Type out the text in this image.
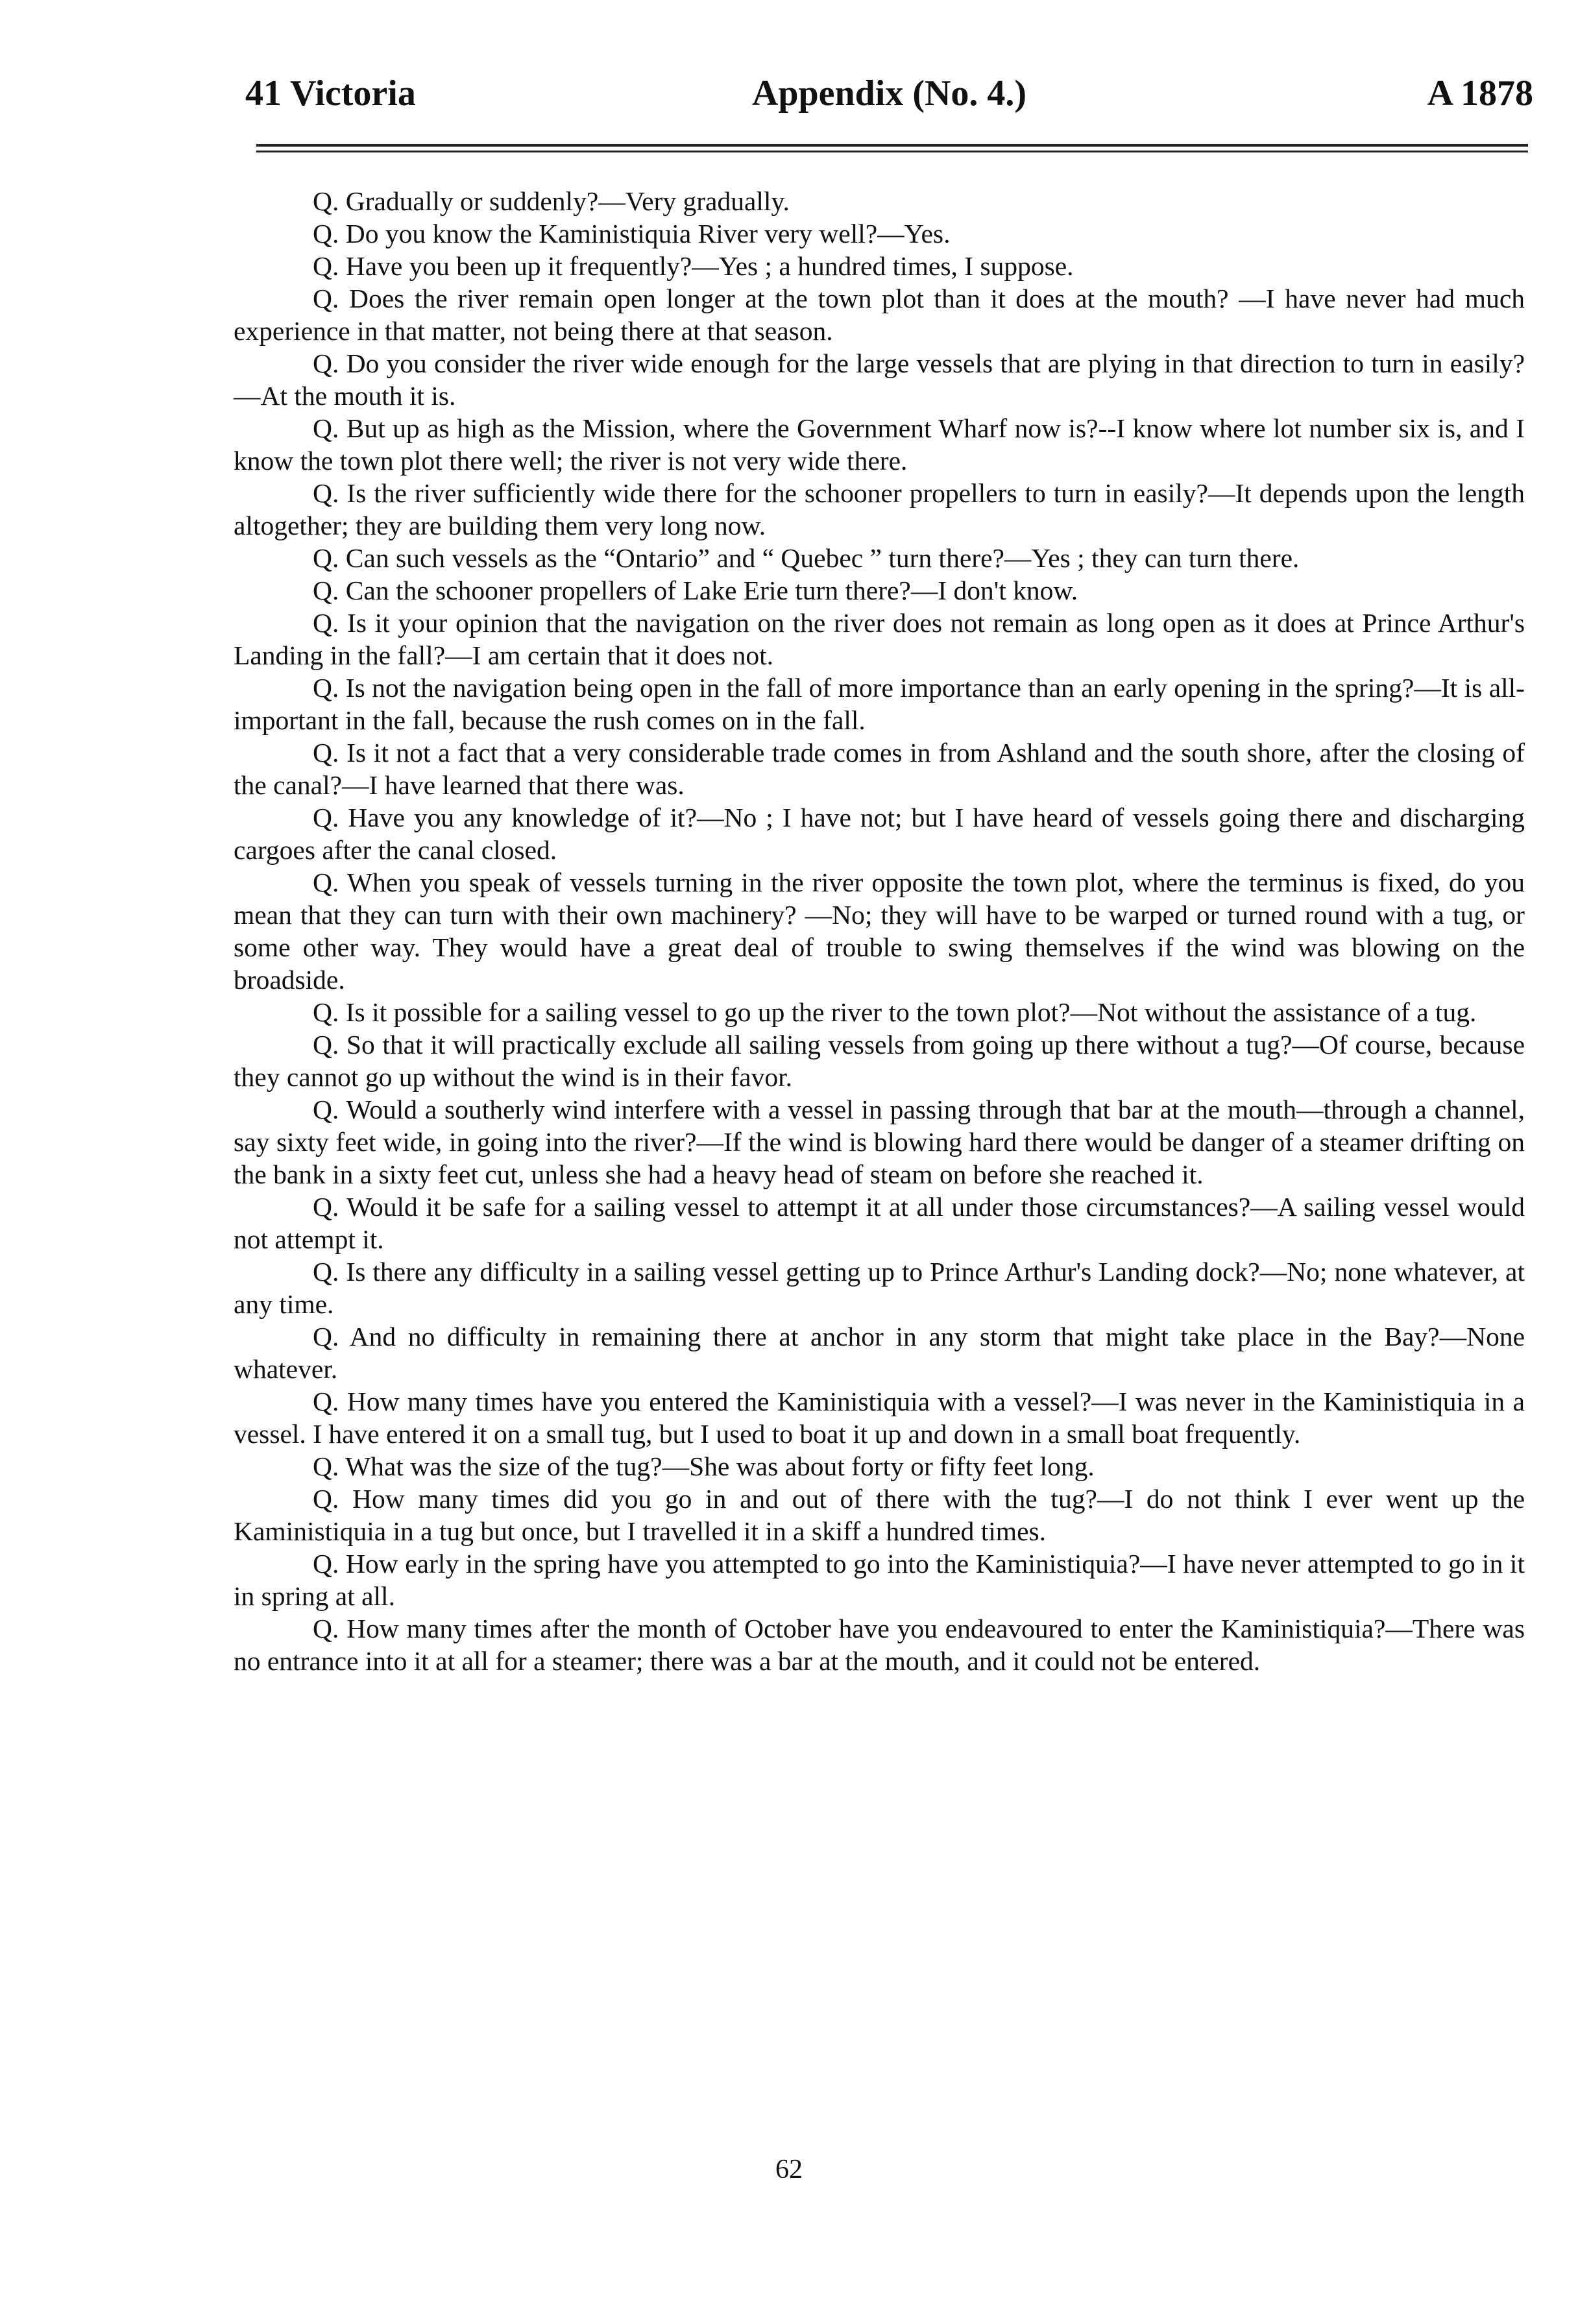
41 Victoria	Appendix (No. 4.)	A 1878

Q. Gradually or suddenly?—Very gradually.

Q. Do you know the Kaministiquia River very well?—Yes.

Q. Have you been up it frequently?—Yes ; a hundred times, I suppose.

Q. Does the river remain open longer at the town plot than it does at the mouth? —I have never had much experience in that matter, not being there at that season.

Q. Do you consider the river wide enough for the large vessels that are plying in that direction to turn in easily?—At the mouth it is.

Q. But up as high as the Mission, where the Government Wharf now is?--I know where lot number six is, and I know the town plot there well; the river is not very wide there.

Q. Is the river sufficiently wide there for the schooner propellers to turn in easily?—It depends upon the length altogether; they are building them very long now.

Q. Can such vessels as the “Ontario” and “ Quebec ” turn there?—Yes ; they can turn there.

Q. Can the schooner propellers of Lake Erie turn there?—I don't know.

Q. Is it your opinion that the navigation on the river does not remain as long open as it does at Prince Arthur's Landing in the fall?—I am certain that it does not.

Q. Is not the navigation being open in the fall of more importance than an early opening in the spring?—It is all-important in the fall, because the rush comes on in the fall.

Q. Is it not a fact that a very considerable trade comes in from Ashland and the south shore, after the closing of the canal?—I have learned that there was.

Q. Have you any knowledge of it?—No ; I have not; but I have heard of vessels going there and discharging cargoes after the canal closed.

Q. When you speak of vessels turning in the river opposite the town plot, where the terminus is fixed, do you mean that they can turn with their own machinery? —No; they will have to be warped or turned round with a tug, or some other way. They would have a great deal of trouble to swing themselves if the wind was blowing on the broadside.

Q. Is it possible for a sailing vessel to go up the river to the town plot?—Not without the assistance of a tug.

Q. So that it will practically exclude all sailing vessels from going up there without a tug?—Of course, because they cannot go up without the wind is in their favor.

Q. Would a southerly wind interfere with a vessel in passing through that bar at the mouth—through a channel, say sixty feet wide, in going into the river?—If the wind is blowing hard there would be danger of a steamer drifting on the bank in a sixty feet cut, unless she had a heavy head of steam on before she reached it.

Q. Would it be safe for a sailing vessel to attempt it at all under those circumstances?—A sailing vessel would not attempt it.

Q. Is there any difficulty in a sailing vessel getting up to Prince Arthur's Landing dock?—No; none whatever, at any time.

Q. And no difficulty in remaining there at anchor in any storm that might take place in the Bay?—None whatever.

Q. How many times have you entered the Kaministiquia with a vessel?—I was never in the Kaministiquia in a vessel. I have entered it on a small tug, but I used to boat it up and down in a small boat frequently.

Q. What was the size of the tug?—She was about forty or fifty feet long.

Q. How many times did you go in and out of there with the tug?—I do not think I ever went up the Kaministiquia in a tug but once, but I travelled it in a skiff a hundred times.

Q. How early in the spring have you attempted to go into the Kaministiquia?—I have never attempted to go in it in spring at all.

Q. How many times after the month of October have you endeavoured to enter the Kaministiquia?—There was no entrance into it at all for a steamer; there was a bar at the mouth, and it could not be entered.

62
